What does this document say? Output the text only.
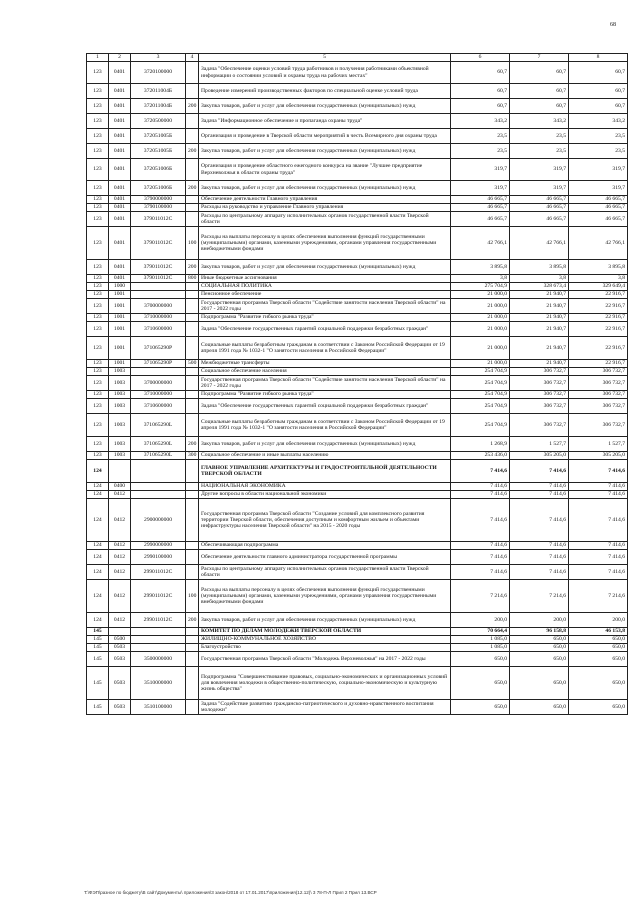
68
1	2	3	4	5	6	7	8
123	0401	3720100000		Задача "Обеспечение оценки условий труда работников и получения работниками объективной информации о состоянии условий и охраны труда на рабочих местах"	60,7	60,7	60,7
123	0401	372011004Б		Проведение измерений производственных факторов по специальной оценке условий труда	60,7	60,7	60,7
123	0401	372011004Б	200	Закупка товаров, работ и услуг для обеспечения государственных (муниципальных) нужд	60,7	60,7	60,7
123	0401	3720500000		Задача "Информационное обеспечение и пропаганда охраны труда"	343,2	343,2	343,2
123	0401	372051005Б		Организация и проведение в Тверской области мероприятий в честь Всемирного дня охраны труда	23,5	23,5	23,5
123	0401	372051005Б	200	Закупка товаров, работ и услуг для обеспечения государственных (муниципальных) нужд	23,5	23,5	23,5
123	0401	372051006Б		Организация и проведение областного ежегодного конкурса на звание "Лучшее предприятие Верхневолжья в области охраны труда"	319,7	319,7	319,7
123	0401	372051006Б	200	Закупка товаров, работ и услуг для обеспечения государственных (муниципальных) нужд	319,7	319,7	319,7
123	0401	3790000000		Обеспечение деятельности Главного управления	46 665,7	46 665,7	46 665,7
123	0401	3790100000		Расходы на руководство и управление Главного управления	46 665,7	46 665,7	46 665,7
123	0401	379011012С		Расходы по центральному аппарату исполнительных органов государственной власти Тверской области	46 665,7	46 665,7	46 665,7
123	0401	379011012С	100	Расходы на выплаты персоналу в целях обеспечения выполнения функций государственными (муниципальными) органами, казенными учреждениями, органами управления государственными внебюджетными фондами	42 766,1	42 766,1	42 766,1
123	0401	379011012С	200	Закупка товаров, работ и услуг для обеспечения государственных (муниципальных) нужд	3 895,8	3 895,8	3 895,8
123	0401	379011012С	800	Иные бюджетные ассигнования	3,8	3,8	3,8
123	1000			СОЦИАЛЬНАЯ ПОЛИТИКА	275 704,9	328 673,4	329 649,4
123	1001			Пенсионное обеспечение	21 000,0	21 940,7	22 916,7
123	1001	3700000000		Государственная программа Тверской области "Содействие занятости населения Тверской области" на 2017 - 2022 годы	21 000,0	21 940,7	22 916,7
123	1001	3710000000		Подпрограмма "Развитие гибкого рынка труда"	21 000,0	21 940,7	22 916,7
123	1001	3710600000		Задача "Обеспечение государственных гарантий социальной поддержки безработных граждан"	21 000,0	21 940,7	22 916,7
123	1001	371065290Р		Социальные выплаты безработным гражданам в соответствии с Законом Российской Федерации от 19 апреля 1991 года № 1032-1 "О занятости населения в Российской Федерации"	21 000,0	21 940,7	22 916,7
123	1001	371065290Р	500	Межбюджетные трансферты	21 000,0	21 940,7	22 916,7
123	1003			Социальное обеспечение населения	254 704,9	306 732,7	306 732,7
123	1003	3700000000		Государственная программа Тверской области "Содействие занятости населения Тверской области" на 2017 - 2022 годы	254 704,9	306 732,7	306 732,7
123	1003	3710000000		Подпрограмма "Развитие гибкого рынка труда"	254 704,9	306 732,7	306 732,7
123	1003	3710600000		Задача "Обеспечение государственных гарантий социальной поддержки безработных граждан"	254 704,9	306 732,7	306 732,7
123	1003	371065290L		Социальные выплаты безработным гражданам в соответствии с Законом Российской Федерации от 19 апреля 1991 года № 1032-1 "О занятости населения в Российской Федерации"	254 704,9	306 732,7	306 732,7
123	1003	371065290L	200	Закупка товаров, работ и услуг для обеспечения государственных (муниципальных) нужд	1 268,9	1 527,7	1 527,7
123	1003	371065290L	300	Социальное обеспечение и иные выплаты населению	253 436,0	305 205,0	305 205,0
124				ГЛАВНОЕ УПРАВЛЕНИЕ АРХИТЕКТУРЫ И ГРАДОСТРОИТЕЛЬНОЙ ДЕЯТЕЛЬНОСТИ ТВЕРСКОЙ ОБЛАСТИ	7 414,6	7 414,6	7 414,6
124	0400			НАЦИОНАЛЬНАЯ ЭКОНОМИКА	7 414,6	7 414,6	7 414,6
124	0412			Другие вопросы в области национальной экономики	7 414,6	7 414,6	7 414,6
124	0412	2900000000		Государственная программа Тверской области "Создание условий для комплексного развития территории Тверской области, обеспечения доступным и комфортным жильем и объектами инфраструктуры населения Тверской области" на 2015 - 2020 годы	7 414,6	7 414,6	7 414,6
124	0412	2990000000		Обеспечивающая подпрограмма	7 414,6	7 414,6	7 414,6
124	0412	2990100000		Обеспечение деятельности главного администратора государственной программы	7 414,6	7 414,6	7 414,6
124	0412	299011012С		Расходы по центральному аппарату исполнительных органов государственной власти Тверской области	7 414,6	7 414,6	7 414,6
124	0412	299011012С	100	Расходы на выплаты персоналу в целях обеспечения выполнения функций государственными (муниципальными) органами, казенными учреждениями, органами управления государственными внебюджетными фондами	7 214,6	7 214,6	7 214,6
124	0412	299011012С	200	Закупка товаров, работ и услуг для обеспечения государственных (муниципальных) нужд	200,0	200,0	200,0
145				КОМИТЕТ ПО ДЕЛАМ МОЛОДЕЖИ ТВЕРСКОЙ ОБЛАСТИ	70 664,4	96 158,8	46 153,8
145	0500			ЖИЛИЩНО-КОММУНАЛЬНОЕ ХОЗЯЙСТВО	1 085,0	650,0	650,0
145	0503			Благоустройство	1 085,0	650,0	650,0
145	0503	3500000000		Государственная программа Тверской области "Молодежь Верхневолжья" на 2017 - 2022 годы	650,0	650,0	650,0
145	0503	3510000000		Подпрограмма "Совершенствование правовых, социально-экономических и организационных условий для вовлечения молодежи в общественно-политическую, социально-экономическую и культурную жизнь общества"	650,0	650,0	650,0
145	0503	3510100000		Задача "Содействие развитию гражданско-патриотического и духовно-нравственного воспитания молодежи"	650,0	650,0	650,0
T:\ФЭП\разное по бюджету\В сайт\Документы\ приложения\3 закон\2018 от 17.01.2017\приложения(12.12)\ 3 78-П-Л Прил 2 Прил 13.ВСР
